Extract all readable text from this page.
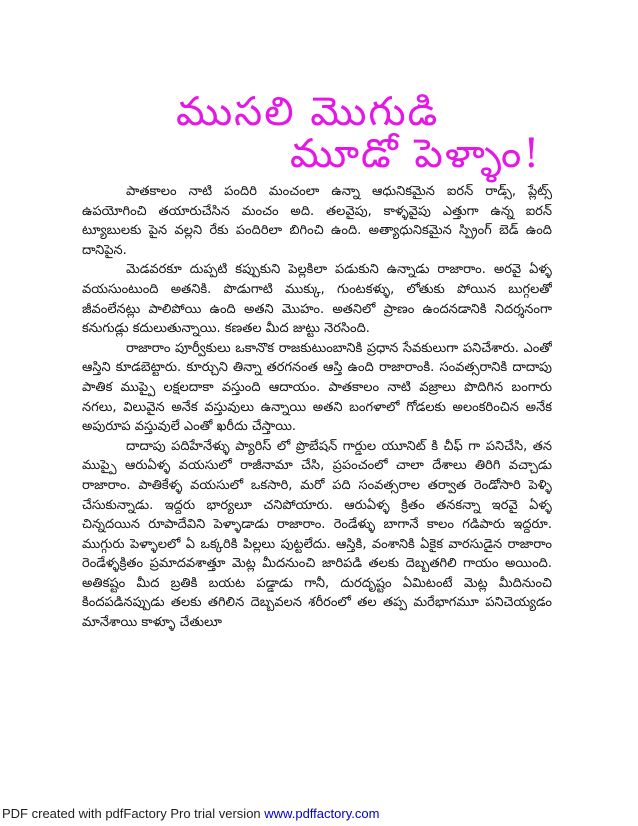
ముసలి మొగుడి
మూడో పెళ్ళాం!

పాతకాలం నాటి పందిరి మంచంలా ఉన్నా ఆధునికమైన ఐరన్ రాడ్స్, ప్లేట్స్ ఉపయోగించి తయారుచేసిన మంచం అది. తలవైపు, కాళ్ళవైపు ఎత్తుగా ఉన్న ఐరన్ ట్యూబులకు పైన వల్లని రేకు పందిరిలా బిగించి ఉంది. అత్యాధునికమైన స్ప్రింగ్ బెడ్ ఉంది దానిపైన.

మెడవరకూ దుప్పటి కప్పుకుని పెల్లకిలా పడుకుని ఉన్నాడు రాజారాం. అరవై ఏళ్ళ వయసుంటుంది అతనికి. పొడుగాటి ముక్కు, గుంటకళ్ళు, లోతుకు పోయిన బుగ్గలతో జీవంలేనట్లు పాలిపోయి ఉంది అతని మొహం. అతనిలో ప్రాణం ఉందనడానికి నిదర్శనంగా కనుగుడ్లు కదులుతున్నాయి. కణతల మీద జుట్టు నెరసింది.

రాజారాం పూర్వీకులు ఒకానొక రాజకుటుంబానికి ప్రధాన సేవకులుగా పనిచేశారు. ఎంతో ఆస్తిని కూడబెట్టారు. కూర్చుని తిన్నా తరగనంత ఆస్తి ఉంది రాజారాంకి. సంవత్సరానికి దాదాపు పాతిక ముప్పై లక్షలదాకా వస్తుంది ఆదాయం. పాతకాలం నాటి వజ్రాలు పొదిగిన బంగారు నగలు, విలువైన అనేక వస్తువులు ఉన్నాయి అతని బంగళాలో గోడలకు అలంకరించిన అనేక అపురూప వస్తువులే ఎంతో ఖరీదు చేస్తాయి.

దాదాపు పదిహేనేళ్ళు ప్యారిస్ లో ప్రొబేషన్ గార్డుల యూనిట్ కి చీఫ్ గా పనిచేసి, తన ముప్పై ఆరుఏళ్ళ వయసులో రాజీనామా చేసి, ప్రపంచంలో చాలా దేశాలు తిరిగి వచ్చాడు రాజారాం. పాతికేళ్ళ వయసులో ఒకసారి, మరో పది సంవత్సరాల తర్వాత రెండోసారి పెళ్ళి చేసుకున్నాడు. ఇద్దరు భార్యలూ చనిపోయారు. ఆరుఏళ్ళ క్రితం తనకన్నా ఇరవై ఏళ్ళ చిన్నదయిన రూపాదేవిని పెళ్ళాడాడు రాజారాం. రెండేళ్ళు బాగానే కాలం గడిపారు ఇద్దరూ. ముగ్గురు పెళ్ళాలలో ఏ ఒక్కరికి పిల్లలు పుట్టలేదు. ఆస్తికి, వంశానికి ఏకైక వారసుడైన రాజారాం రెండేళ్ళక్రితం ప్రమాదవశాత్తూ మెట్ల మీదనుంచి జారిపడి తలకు దెబ్బతగిలి గాయం అయింది. అతికష్టం మీద బ్రతికి బయట పడ్డాడు గానీ, దురదృష్టం ఏమిటంటే మెట్ల మీదినుంచి కిందపడినప్పుడు తలకు తగిలిన దెబ్బవలన శరీరంలో తల తప్ప మరేభాగమూ పనిచెయ్యడం మానేశాయి కాళ్ళూ చేతులూ

PDF created with pdfFactory Pro trial version www.pdffactory.com
